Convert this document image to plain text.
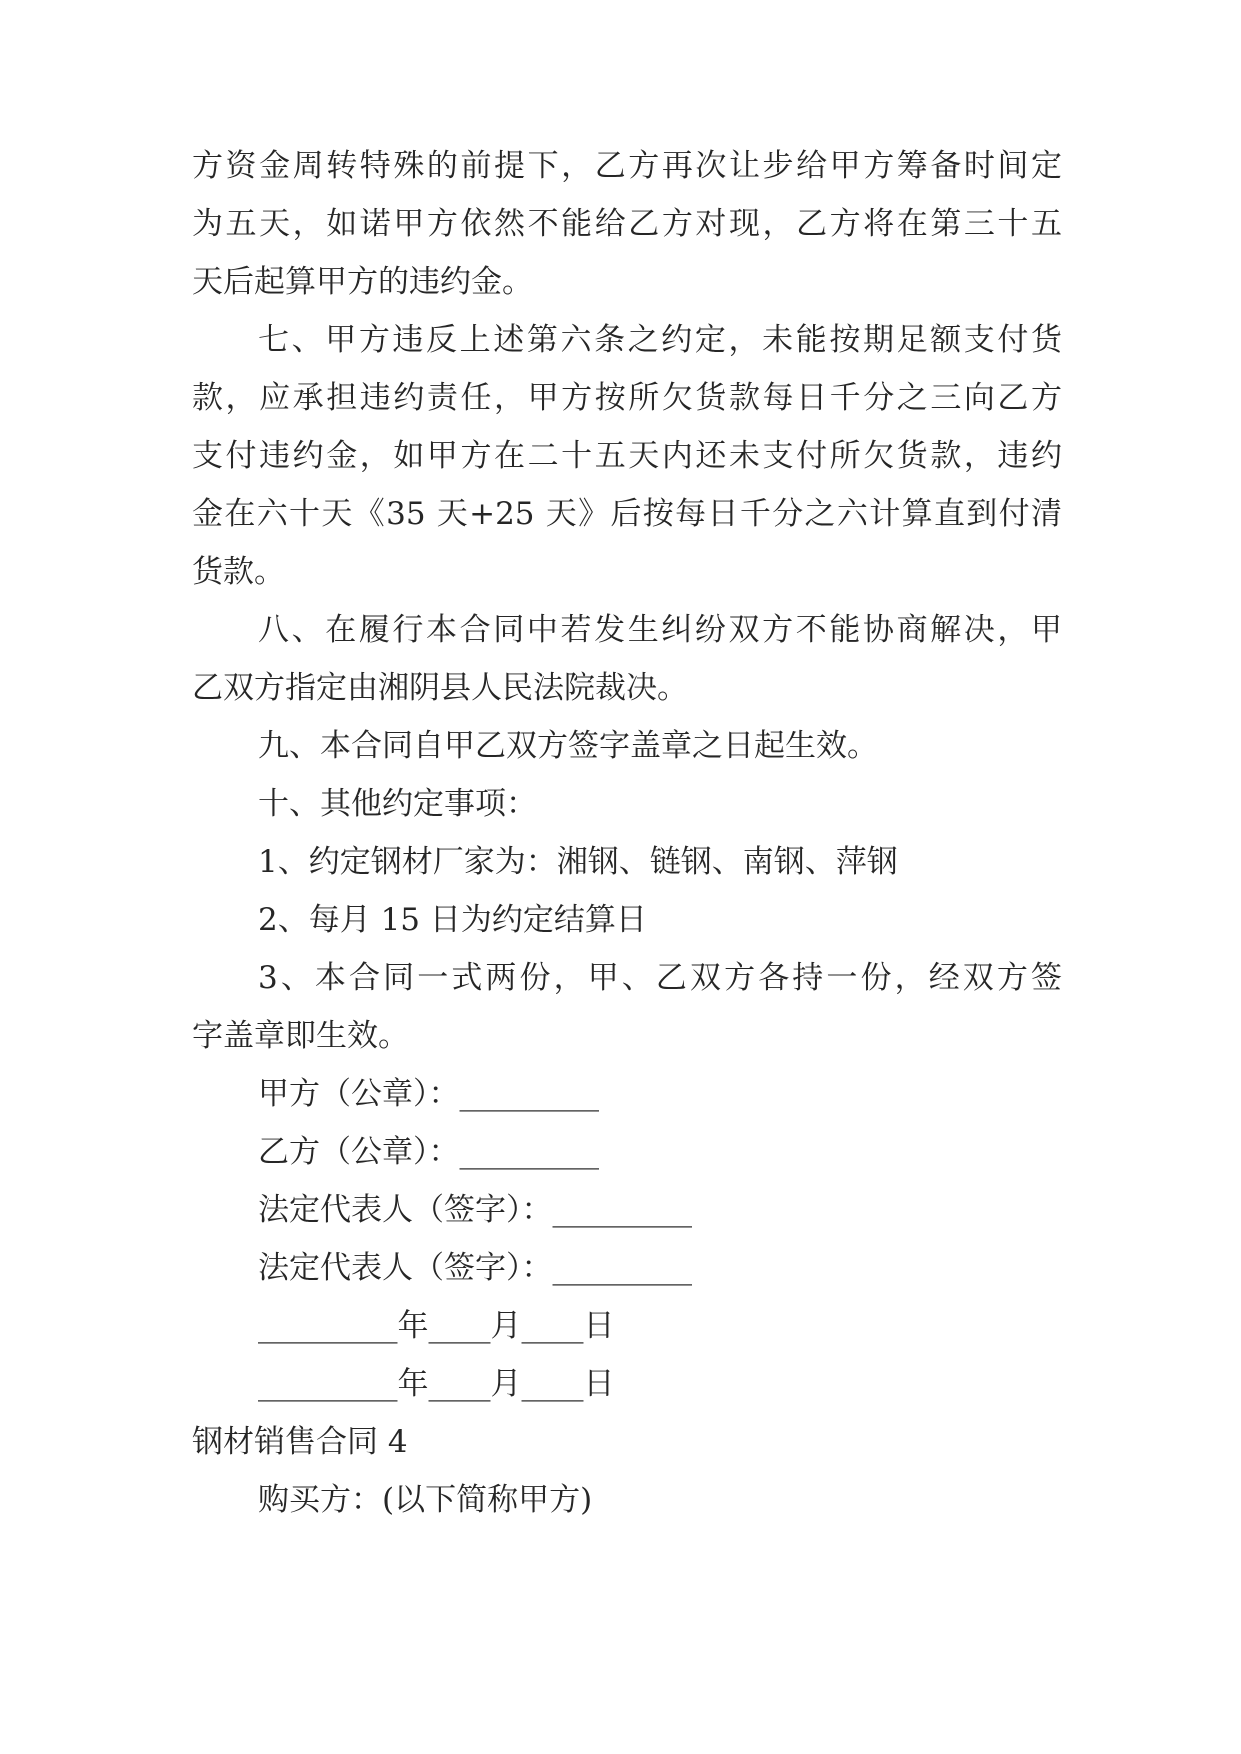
方资金周转特殊的前提下，乙方再次让步给甲方筹备时间定
为五天，如诺甲方依然不能给乙方对现，乙方将在第三十五
天后起算甲方的违约金。
七、甲方违反上述第六条之约定，未能按期足额支付货
款，应承担违约责任，甲方按所欠货款每日千分之三向乙方
支付违约金，如甲方在二十五天内还未支付所欠货款，违约
金在六十天《35 天+25 天》后按每日千分之六计算直到付清
货款。
八、在履行本合同中若发生纠纷双方不能协商解决，甲
乙双方指定由湘阴县人民法院裁决。
九、本合同自甲乙双方签字盖章之日起生效。
十、其他约定事项：
1、约定钢材厂家为：湘钢、链钢、南钢、萍钢
2、每月 15 日为约定结算日
3、本合同一式两份，甲、乙双方各持一份，经双方签
字盖章即生效。
甲方（公章）：_________
乙方（公章）：_________
法定代表人（签字）：_________
法定代表人（签字）：_________
_________年____月____日
_________年____月____日
钢材销售合同 4
购买方：(以下简称甲方)
